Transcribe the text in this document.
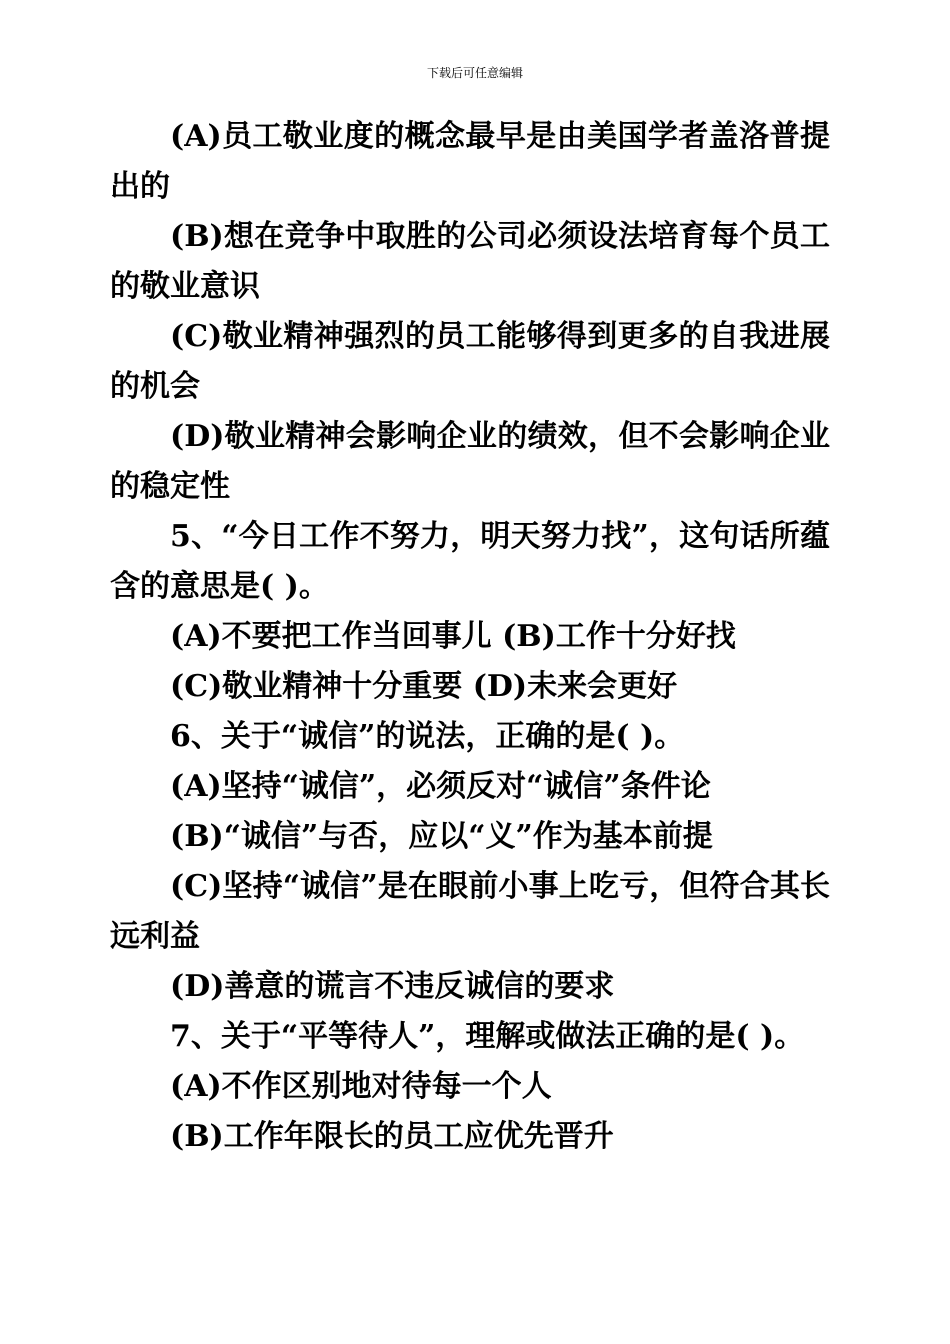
下载后可任意编辑

(A)员工敬业度的概念最早是由美国学者盖洛普提出的

(B)想在竞争中取胜的公司必须设法培育每个员工的敬业意识

(C)敬业精神强烈的员工能够得到更多的自我进展的机会

(D)敬业精神会影响企业的绩效，但不会影响企业的稳定性

5、“今日工作不努力，明天努力找”，这句话所蕴含的意思是( )。

(A)不要把工作当回事儿 (B)工作十分好找

(C)敬业精神十分重要 (D)未来会更好

6、关于“诚信”的说法，正确的是( )。

(A)坚持“诚信”，必须反对“诚信”条件论

(B)“诚信”与否，应以“义”作为基本前提

(C)坚持“诚信”是在眼前小事上吃亏，但符合其长远利益

(D)善意的谎言不违反诚信的要求

7、关于“平等待人”，理解或做法正确的是( )。

(A)不作区别地对待每一个人

(B)工作年限长的员工应优先晋升
